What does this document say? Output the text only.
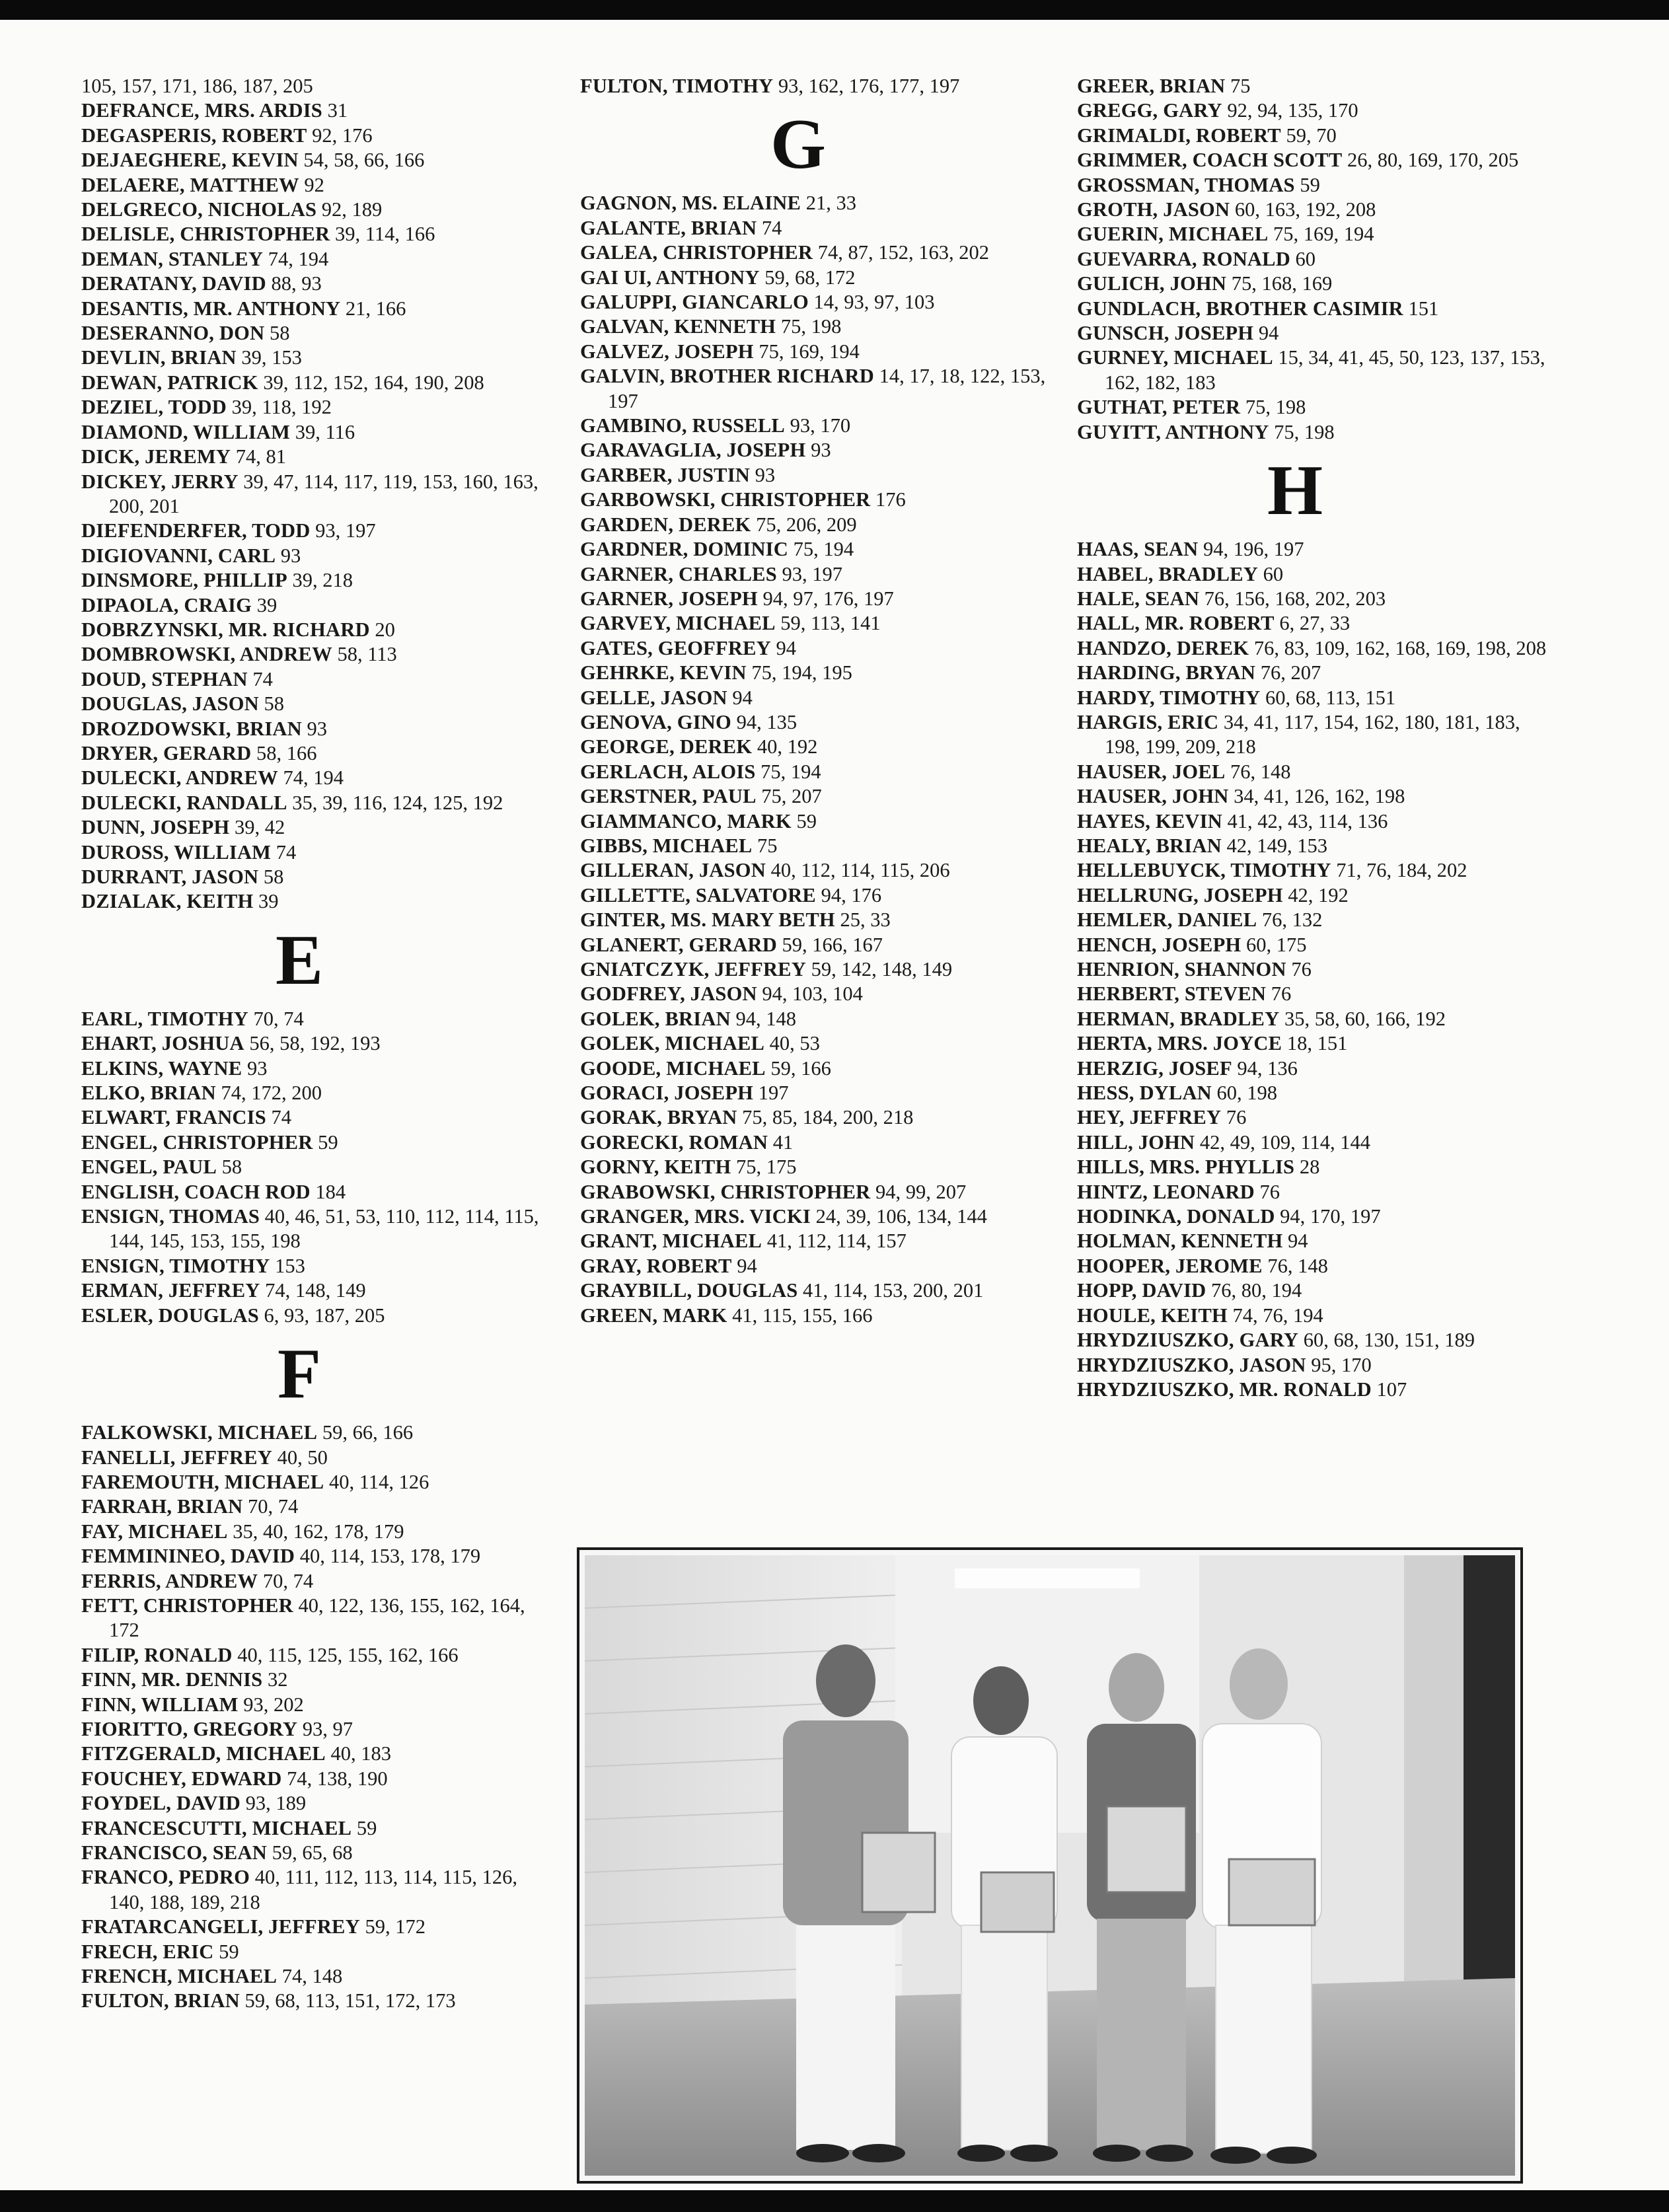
105, 157, 171, 186, 187, 205

DEFRANCE, MRS. ARDIS 31

DEGASPERIS, ROBERT 92, 176

DEJAEGHERE, KEVIN 54, 58, 66, 166

DELAERE, MATTHEW 92

DELGRECO, NICHOLAS 92, 189

DELISLE, CHRISTOPHER 39, 114, 166

DEMAN, STANLEY 74, 194

DERATANY, DAVID 88, 93

DESANTIS, MR. ANTHONY 21, 166

DESERANNO, DON 58

DEVLIN, BRIAN 39, 153

DEWAN, PATRICK 39, 112, 152, 164, 190, 208

DEZIEL, TODD 39, 118, 192

DIAMOND, WILLIAM 39, 116

DICK, JEREMY 74, 81

DICKEY, JERRY 39, 47, 114, 117, 119, 153, 160, 163, 200, 201

DIEFENDERFER, TODD 93, 197

DIGIOVANNI, CARL 93

DINSMORE, PHILLIP 39, 218

DIPAOLA, CRAIG 39

DOBRZYNSKI, MR. RICHARD 20

DOMBROWSKI, ANDREW 58, 113

DOUD, STEPHAN 74

DOUGLAS, JASON 58

DROZDOWSKI, BRIAN 93

DRYER, GERARD 58, 166

DULECKI, ANDREW 74, 194

DULECKI, RANDALL 35, 39, 116, 124, 125, 192

DUNN, JOSEPH 39, 42

DUROSS, WILLIAM 74

DURRANT, JASON 58

DZIALAK, KEITH 39

E

EARL, TIMOTHY 70, 74

EHART, JOSHUA 56, 58, 192, 193

ELKINS, WAYNE 93

ELKO, BRIAN 74, 172, 200

ELWART, FRANCIS 74

ENGEL, CHRISTOPHER 59

ENGEL, PAUL 58

ENGLISH, COACH ROD 184

ENSIGN, THOMAS 40, 46, 51, 53, 110, 112, 114, 115, 144, 145, 153, 155, 198

ENSIGN, TIMOTHY 153

ERMAN, JEFFREY 74, 148, 149

ESLER, DOUGLAS 6, 93, 187, 205

F

FALKOWSKI, MICHAEL 59, 66, 166

FANELLI, JEFFREY 40, 50

FAREMOUTH, MICHAEL 40, 114, 126

FARRAH, BRIAN 70, 74

FAY, MICHAEL 35, 40, 162, 178, 179

FEMMININEO, DAVID 40, 114, 153, 178, 179

FERRIS, ANDREW 70, 74

FETT, CHRISTOPHER 40, 122, 136, 155, 162, 164, 172

FILIP, RONALD 40, 115, 125, 155, 162, 166

FINN, MR. DENNIS 32

FINN, WILLIAM 93, 202

FIORITTO, GREGORY 93, 97

FITZGERALD, MICHAEL 40, 183

FOUCHEY, EDWARD 74, 138, 190

FOYDEL, DAVID 93, 189

FRANCESCUTTI, MICHAEL 59

FRANCISCO, SEAN 59, 65, 68

FRANCO, PEDRO 40, 111, 112, 113, 114, 115, 126, 140, 188, 189, 218

FRATARCANGELI, JEFFREY 59, 172

FRECH, ERIC 59

FRENCH, MICHAEL 74, 148

FULTON, BRIAN 59, 68, 113, 151, 172, 173

FULTON, TIMOTHY 93, 162, 176, 177, 197

G

GAGNON, MS. ELAINE 21, 33

GALANTE, BRIAN 74

GALEA, CHRISTOPHER 74, 87, 152, 163, 202

GAI UI, ANTHONY 59, 68, 172

GALUPPI, GIANCARLO 14, 93, 97, 103

GALVAN, KENNETH 75, 198

GALVEZ, JOSEPH 75, 169, 194

GALVIN, BROTHER RICHARD 14, 17, 18, 122, 153, 197

GAMBINO, RUSSELL 93, 170

GARAVAGLIA, JOSEPH 93

GARBER, JUSTIN 93

GARBOWSKI, CHRISTOPHER 176

GARDEN, DEREK 75, 206, 209

GARDNER, DOMINIC 75, 194

GARNER, CHARLES 93, 197

GARNER, JOSEPH 94, 97, 176, 197

GARVEY, MICHAEL 59, 113, 141

GATES, GEOFFREY 94

GEHRKE, KEVIN 75, 194, 195

GELLE, JASON 94

GENOVA, GINO 94, 135

GEORGE, DEREK 40, 192

GERLACH, ALOIS 75, 194

GERSTNER, PAUL 75, 207

GIAMMANCO, MARK 59

GIBBS, MICHAEL 75

GILLERAN, JASON 40, 112, 114, 115, 206

GILLETTE, SALVATORE 94, 176

GINTER, MS. MARY BETH 25, 33

GLANERT, GERARD 59, 166, 167

GNIATCZYK, JEFFREY 59, 142, 148, 149

GODFREY, JASON 94, 103, 104

GOLEK, BRIAN 94, 148

GOLEK, MICHAEL 40, 53

GOODE, MICHAEL 59, 166

GORACI, JOSEPH 197

GORAK, BRYAN 75, 85, 184, 200, 218

GORECKI, ROMAN 41

GORNY, KEITH 75, 175

GRABOWSKI, CHRISTOPHER 94, 99, 207

GRANGER, MRS. VICKI 24, 39, 106, 134, 144

GRANT, MICHAEL 41, 112, 114, 157

GRAY, ROBERT 94

GRAYBILL, DOUGLAS 41, 114, 153, 200, 201

GREEN, MARK 41, 115, 155, 166

GREER, BRIAN 75

GREGG, GARY 92, 94, 135, 170

GRIMALDI, ROBERT 59, 70

GRIMMER, COACH SCOTT 26, 80, 169, 170, 205

GROSSMAN, THOMAS 59

GROTH, JASON 60, 163, 192, 208

GUERIN, MICHAEL 75, 169, 194

GUEVARRA, RONALD 60

GULICH, JOHN 75, 168, 169

GUNDLACH, BROTHER CASIMIR 151

GUNSCH, JOSEPH 94

GURNEY, MICHAEL 15, 34, 41, 45, 50, 123, 137, 153, 162, 182, 183

GUTHAT, PETER 75, 198

GUYITT, ANTHONY 75, 198

H

HAAS, SEAN 94, 196, 197

HABEL, BRADLEY 60

HALE, SEAN 76, 156, 168, 202, 203

HALL, MR. ROBERT 6, 27, 33

HANDZO, DEREK 76, 83, 109, 162, 168, 169, 198, 208

HARDING, BRYAN 76, 207

HARDY, TIMOTHY 60, 68, 113, 151

HARGIS, ERIC 34, 41, 117, 154, 162, 180, 181, 183, 198, 199, 209, 218

HAUSER, JOEL 76, 148

HAUSER, JOHN 34, 41, 126, 162, 198

HAYES, KEVIN 41, 42, 43, 114, 136

HEALY, BRIAN 42, 149, 153

HELLEBUYCK, TIMOTHY 71, 76, 184, 202

HELLRUNG, JOSEPH 42, 192

HEMLER, DANIEL 76, 132

HENCH, JOSEPH 60, 175

HENRION, SHANNON 76

HERBERT, STEVEN 76

HERMAN, BRADLEY 35, 58, 60, 166, 192

HERTA, MRS. JOYCE 18, 151

HERZIG, JOSEF 94, 136

HESS, DYLAN 60, 198

HEY, JEFFREY 76

HILL, JOHN 42, 49, 109, 114, 144

HILLS, MRS. PHYLLIS 28

HINTZ, LEONARD 76

HODINKA, DONALD 94, 170, 197

HOLMAN, KENNETH 94

HOOPER, JEROME 76, 148

HOPP, DAVID 76, 80, 194

HOULE, KEITH 74, 76, 194

HRYDZIUSZKO, GARY 60, 68, 130, 151, 189

HRYDZIUSZKO, JASON 95, 170

HRYDZIUSZKO, MR. RONALD 107
